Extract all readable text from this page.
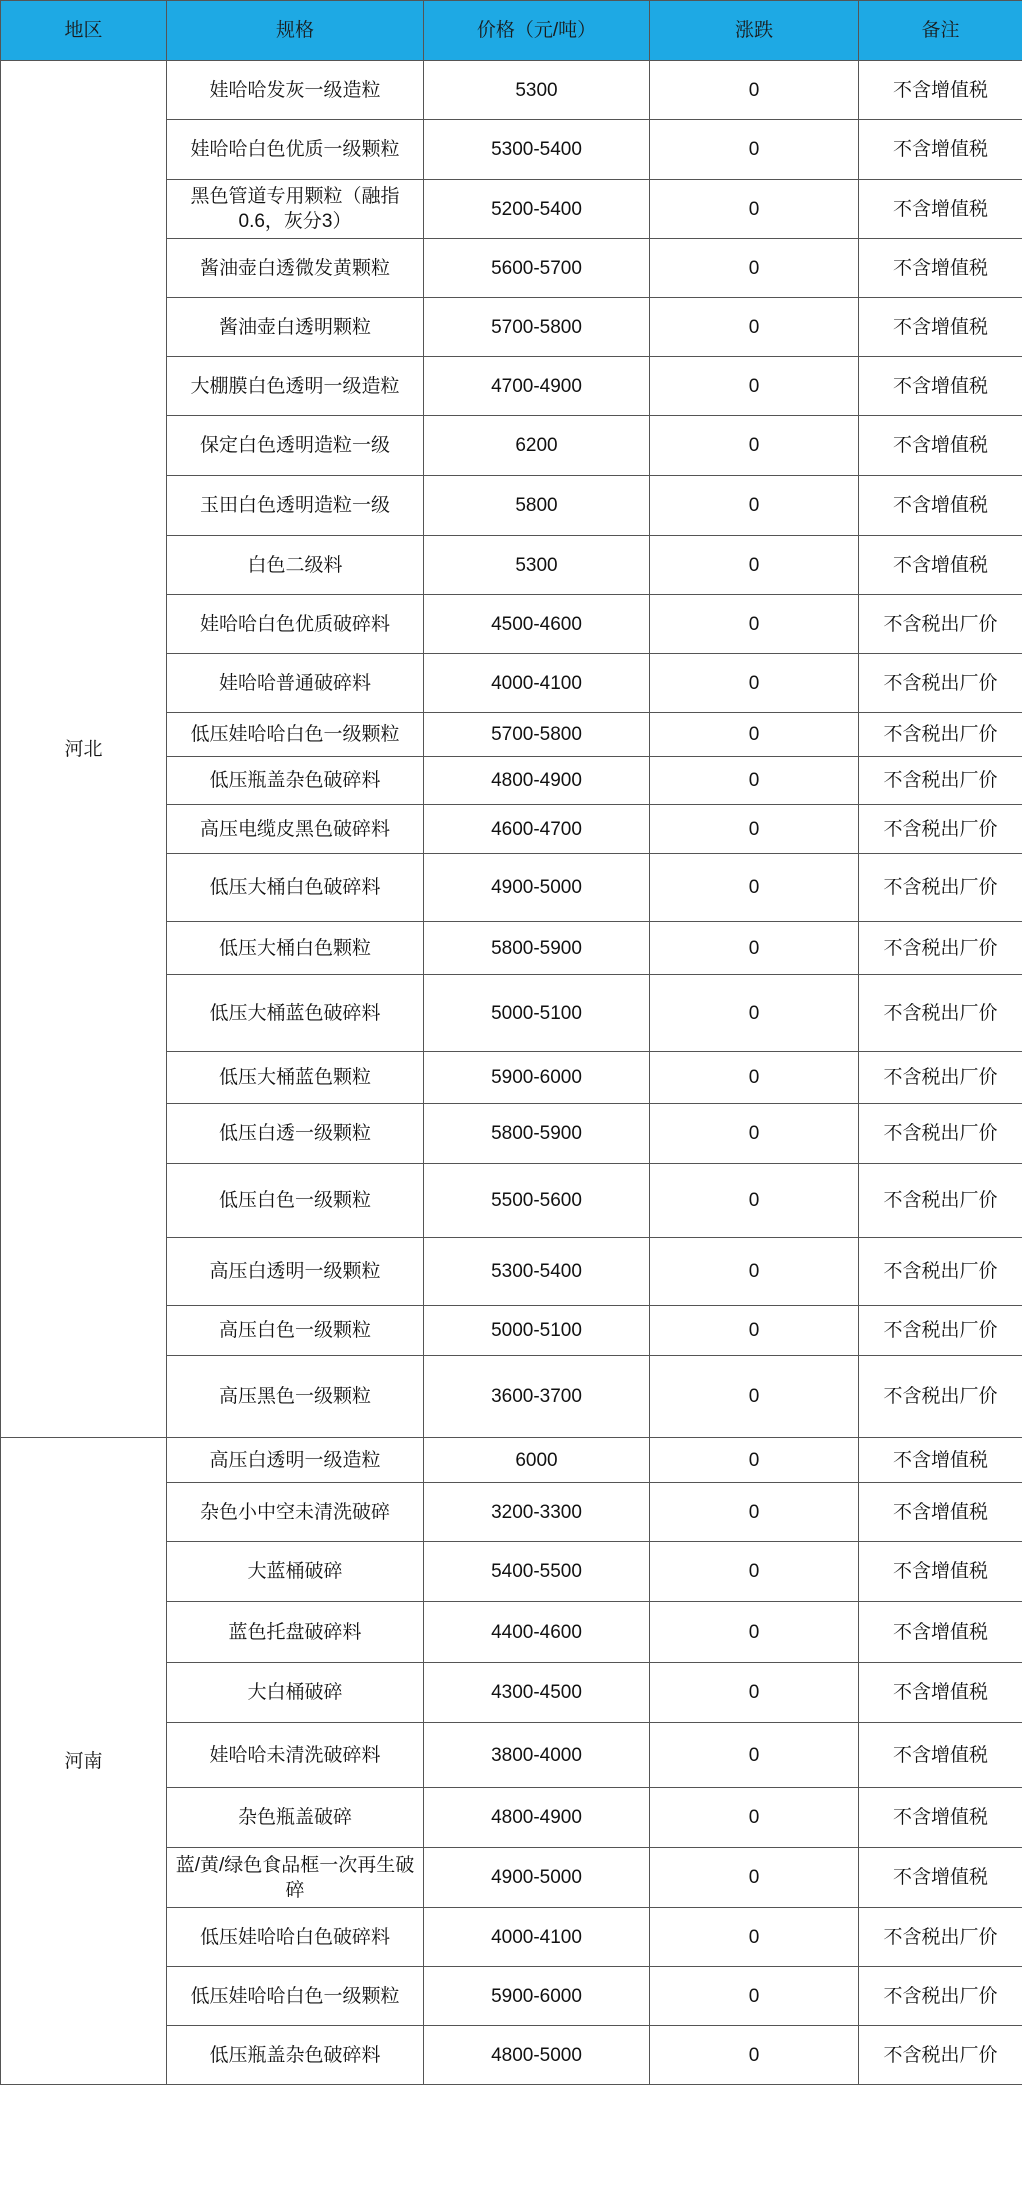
地区	规格	价格（元/吨）	涨跌	备注
河北	娃哈哈发灰一级造粒	5300	0	不含增值税
	娃哈哈白色优质一级颗粒	5300-5400	0	不含增值税
	黑色管道专用颗粒（融指0.6，灰分3）	5200-5400	0	不含增值税
	酱油壶白透微发黄颗粒	5600-5700	0	不含增值税
	酱油壶白透明颗粒	5700-5800	0	不含增值税
	大棚膜白色透明一级造粒	4700-4900	0	不含增值税
	保定白色透明造粒一级	6200	0	不含增值税
	玉田白色透明造粒一级	5800	0	不含增值税
	白色二级料	5300	0	不含增值税
	娃哈哈白色优质破碎料	4500-4600	0	不含税出厂价
	娃哈哈普通破碎料	4000-4100	0	不含税出厂价
	低压娃哈哈白色一级颗粒	5700-5800	0	不含税出厂价
	低压瓶盖杂色破碎料	4800-4900	0	不含税出厂价
	高压电缆皮黑色破碎料	4600-4700	0	不含税出厂价
	低压大桶白色破碎料	4900-5000	0	不含税出厂价
	低压大桶白色颗粒	5800-5900	0	不含税出厂价
	低压大桶蓝色破碎料	5000-5100	0	不含税出厂价
	低压大桶蓝色颗粒	5900-6000	0	不含税出厂价
	低压白透一级颗粒	5800-5900	0	不含税出厂价
	低压白色一级颗粒	5500-5600	0	不含税出厂价
	高压白透明一级颗粒	5300-5400	0	不含税出厂价
	高压白色一级颗粒	5000-5100	0	不含税出厂价
	高压黑色一级颗粒	3600-3700	0	不含税出厂价
河南	高压白透明一级造粒	6000	0	不含增值税
	杂色小中空未清洗破碎	3200-3300	0	不含增值税
	大蓝桶破碎	5400-5500	0	不含增值税
	蓝色托盘破碎料	4400-4600	0	不含增值税
	大白桶破碎	4300-4500	0	不含增值税
	娃哈哈未清洗破碎料	3800-4000	0	不含增值税
	杂色瓶盖破碎	4800-4900	0	不含增值税
	蓝/黄/绿色食品框一次再生破碎	4900-5000	0	不含增值税
	低压娃哈哈白色破碎料	4000-4100	0	不含税出厂价
	低压娃哈哈白色一级颗粒	5900-6000	0	不含税出厂价
	低压瓶盖杂色破碎料	4800-5000	0	不含税出厂价
